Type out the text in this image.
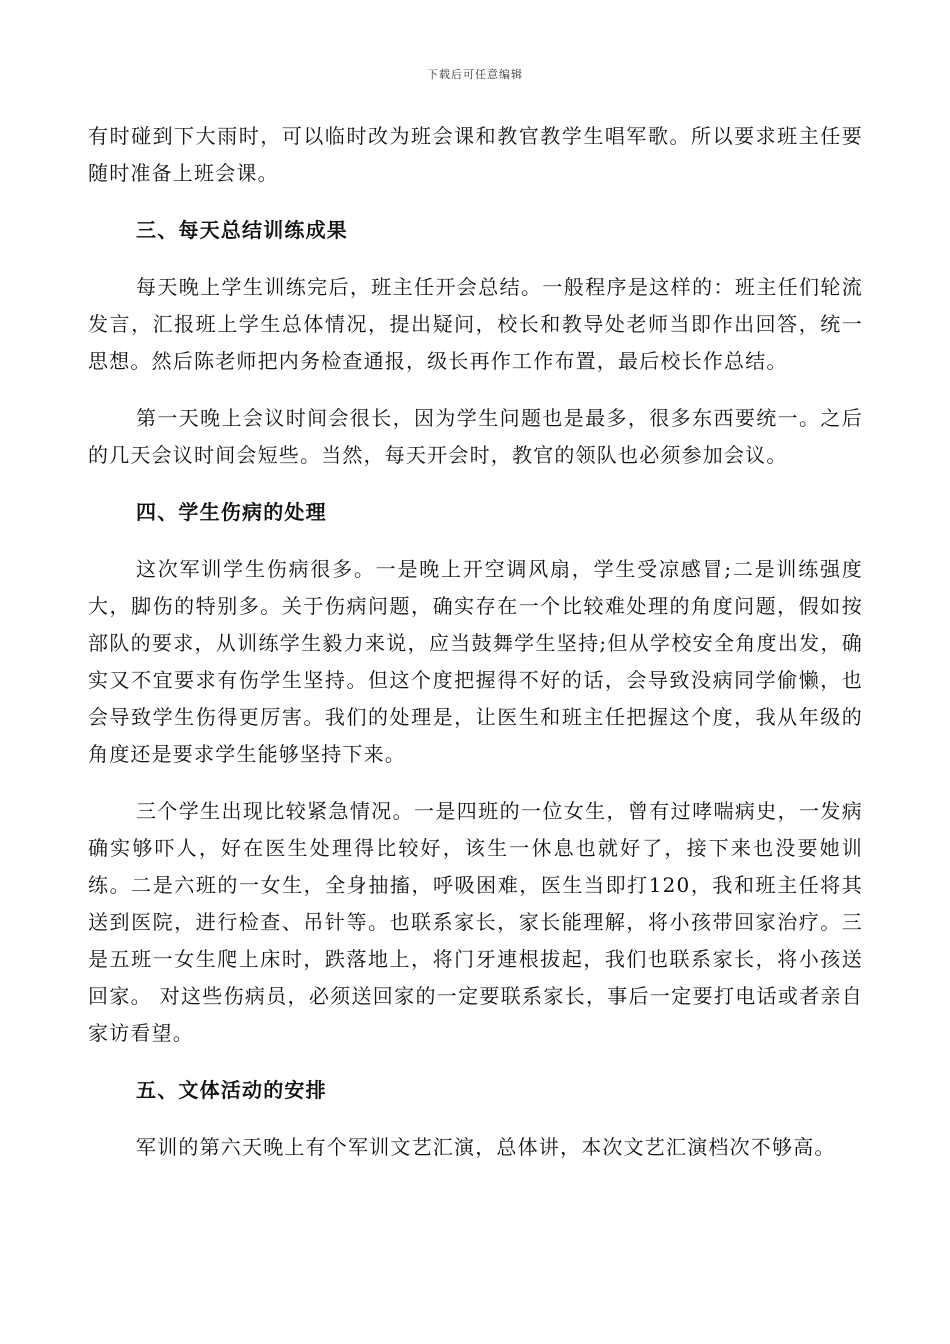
下载后可任意编辑

有时碰到下大雨时，可以临时改为班会课和教官教学生唱军歌。所以要求班主任要随时准备上班会课。

三、每天总结训练成果

每天晚上学生训练完后，班主任开会总结。一般程序是这样的：班主任们轮流发言，汇报班上学生总体情况，提出疑问，校长和教导处老师当即作出回答，统一思想。然后陈老师把内务检查通报，级长再作工作布置，最后校长作总结。

第一天晚上会议时间会很长，因为学生问题也是最多，很多东西要统一。之后的几天会议时间会短些。当然，每天开会时，教官的领队也必须参加会议。

四、学生伤病的处理

这次军训学生伤病很多。一是晚上开空调风扇，学生受凉感冒;二是训练强度大，脚伤的特别多。关于伤病问题，确实存在一个比较难处理的角度问题，假如按部队的要求，从训练学生毅力来说，应当鼓舞学生坚持;但从学校安全角度出发，确实又不宜要求有伤学生坚持。但这个度把握得不好的话，会导致没病同学偷懒，也会导致学生伤得更厉害。我们的处理是，让医生和班主任把握这个度，我从年级的角度还是要求学生能够坚持下来。

三个学生出现比较紧急情况。一是四班的一位女生，曾有过哮喘病史，一发病确实够吓人，好在医生处理得比较好，该生一休息也就好了，接下来也没要她训练。二是六班的一女生，全身抽搐，呼吸困难，医生当即打120，我和班主任将其送到医院，进行检查、吊针等。也联系家长，家长能理解，将小孩带回家治疗。三是五班一女生爬上床时，跌落地上，将门牙連根拔起，我们也联系家长，将小孩送回家。 对这些伤病员，必须送回家的一定要联系家长，事后一定要打电话或者亲自家访看望。

五、文体活动的安排

军训的第六天晚上有个军训文艺汇演，总体讲，本次文艺汇演档次不够高。
